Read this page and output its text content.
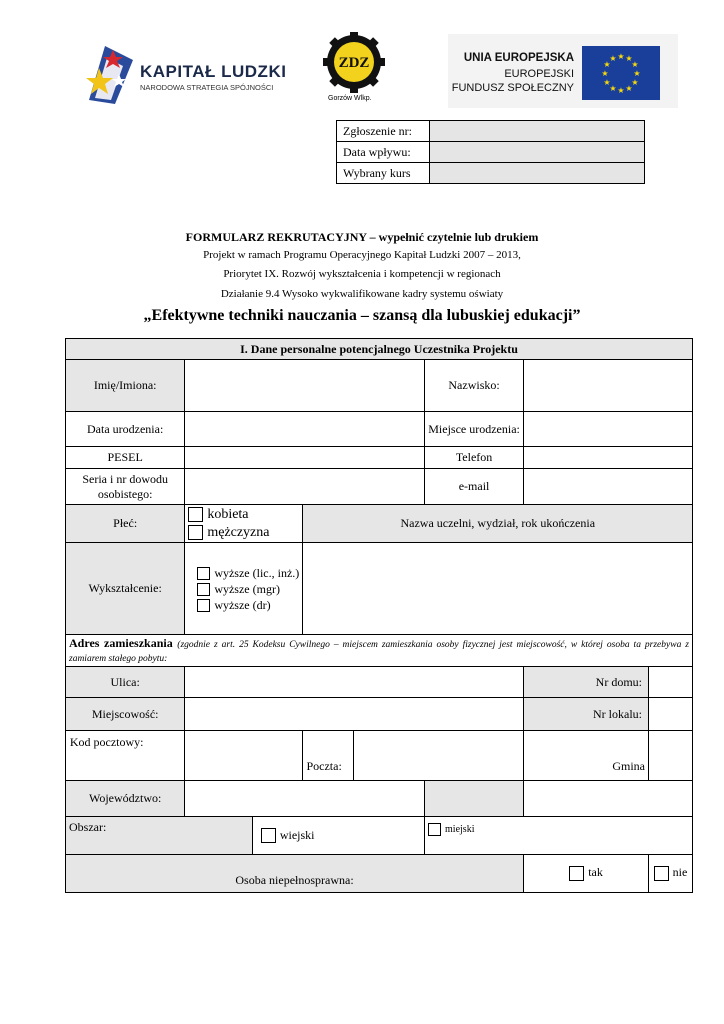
KAPITAŁ LUDZKI
NARODOWA STRATEGIA SPÓJNOŚCI
ZDZ
Gorzów Wlkp.
UNIA EUROPEJSKA
EUROPEJSKI
FUNDUSZ SPOŁECZNY
★ ★
★
★
★
★
★
★
★
★
★
★
Zgłoszenie nr:	
Data wpływu:	
Wybrany kurs	
FORMULARZ REKRUTACYJNY – wypełnić czytelnie lub drukiem
Projekt w ramach Programu Operacyjnego Kapitał Ludzki 2007 – 2013,
Priorytet IX. Rozwój wykształcenia i kompetencji w regionach
Działanie 9.4 Wysoko wykwalifikowane kadry systemu oświaty
„Efektywne techniki nauczania – szansą dla lubuskiej edukacji”
I. Dane personalne potencjalnego Uczestnika Projektu							
Imię/Imiona:					Nazwisko:		
Data urodzenia:					Miejsce urodzenia:		
PESEL					Telefon		
Seria i nr dowodu osobistego:					e-mail		
Płeć:	kobieta
mężczyzna		Nazwa uczelni, wydział, rok ukończenia				
Wykształcenie:	wyższe (lic., inż.)
wyższe (mgr)
wyższe (dr)						

Adres zamieszkania (zgodnie z art. 25 Kodeksu Cywilnego – miejscem zamieszkania osoby fizycznej jest miejscowość, w której osoba ta przebywa z zamiarem stałego pobytu:							
Ulica:						Nr domu:	
Miejscowość:						Nr lokalu:	
Kod pocztowy:			Poczta:			Gmina	
Województwo:							
Obszar:		wiejski			miejski		
Osoba niepełnosprawna:						tak	nie
